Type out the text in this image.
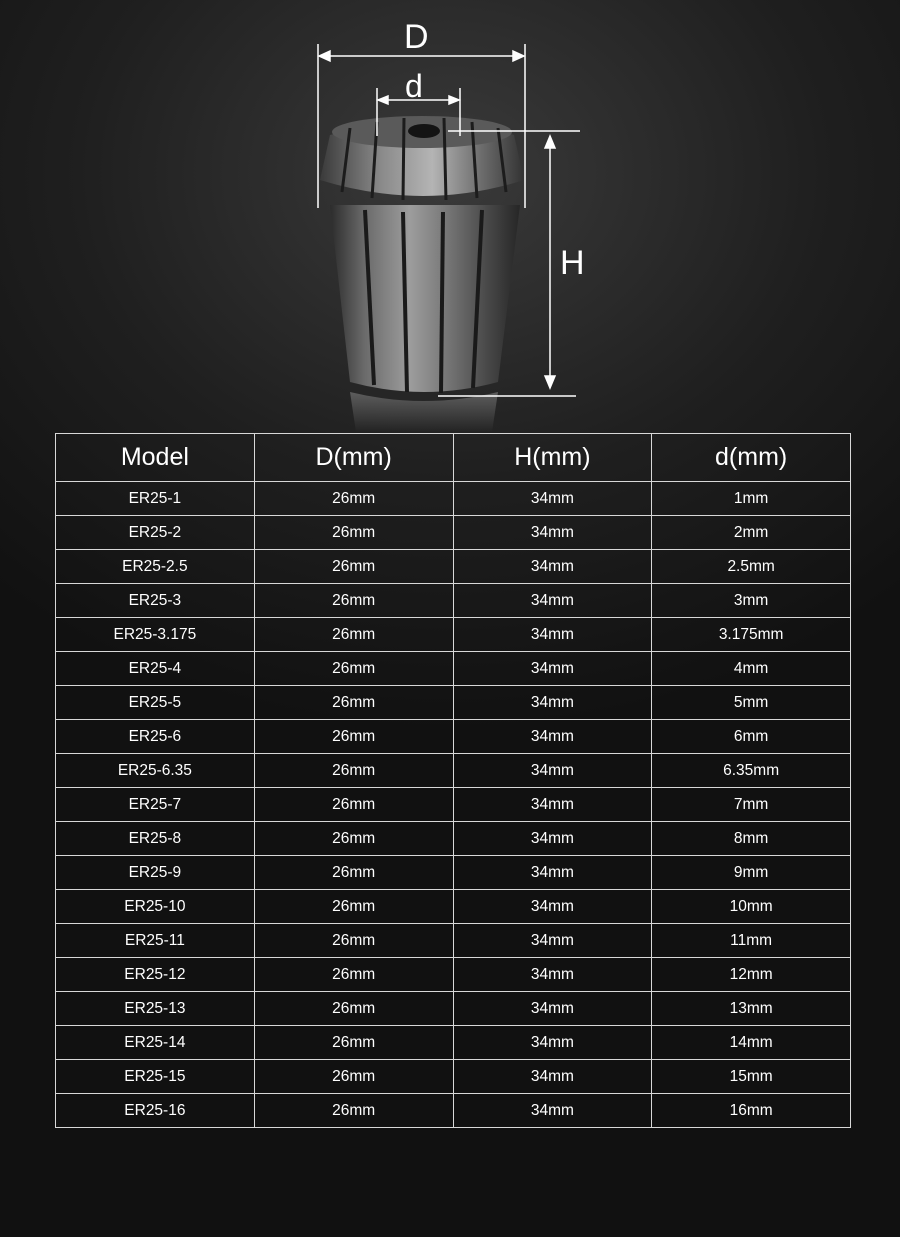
D
d
H
Model	D(mm)	H(mm)	d(mm)
ER25-1	26mm	34mm	1mm
ER25-2	26mm	34mm	2mm
ER25-2.5	26mm	34mm	2.5mm
ER25-3	26mm	34mm	3mm
ER25-3.175	26mm	34mm	3.175mm
ER25-4	26mm	34mm	4mm
ER25-5	26mm	34mm	5mm
ER25-6	26mm	34mm	6mm
ER25-6.35	26mm	34mm	6.35mm
ER25-7	26mm	34mm	7mm
ER25-8	26mm	34mm	8mm
ER25-9	26mm	34mm	9mm
ER25-10	26mm	34mm	10mm
ER25-11	26mm	34mm	11mm
ER25-12	26mm	34mm	12mm
ER25-13	26mm	34mm	13mm
ER25-14	26mm	34mm	14mm
ER25-15	26mm	34mm	15mm
ER25-16	26mm	34mm	16mm
